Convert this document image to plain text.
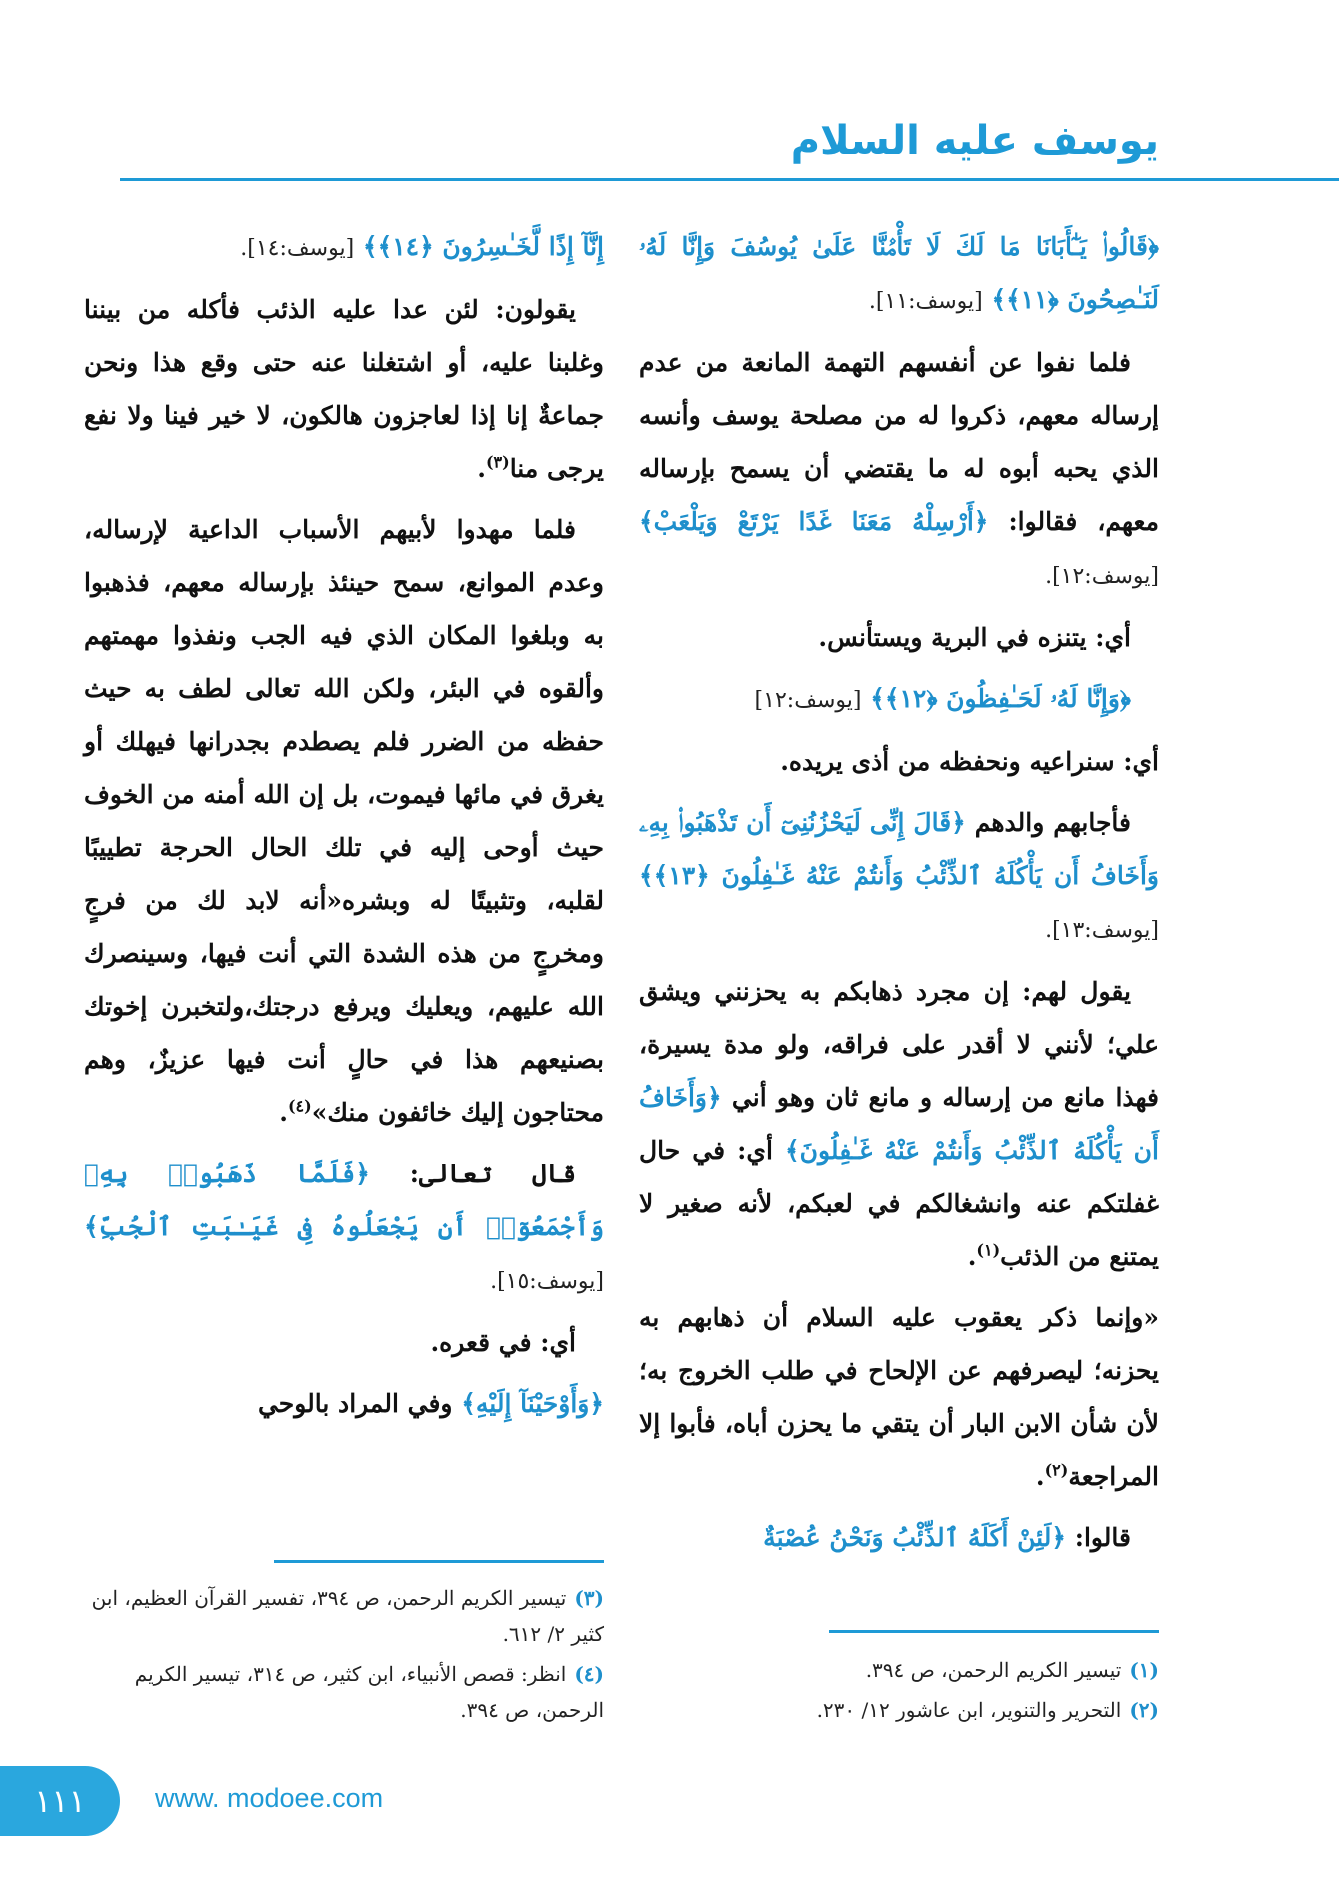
يوسف عليه السلام

﴿قَالُوا۟ يَـٰٓأَبَانَا مَا لَكَ لَا تَأْمَ۫نَّا عَلَىٰ يُوسُفَ وَإِنَّا لَهُۥ لَنَـٰصِحُونَ ﴿١١﴾﴾ [يوسف:١١].

فلما نفوا عن أنفسهم التهمة المانعة من عدم إرساله معهم، ذكروا له من مصلحة يوسف وأنسه الذي يحبه أبوه له ما يقتضي أن يسمح بإرساله معهم، فقالوا: ﴿أَرْسِلْهُ مَعَنَا غَدًا يَرْتَعْ وَيَلْعَبْ﴾ [يوسف:١٢].

أي: يتنزه في البرية ويستأنس.

﴿وَإِنَّا لَهُۥ لَحَـٰفِظُونَ ﴿١٢﴾﴾ [يوسف:١٢]

أي: سنراعيه ونحفظه من أذى يريده.

فأجابهم والدهم ﴿قَالَ إِنِّى لَيَحْزُنُنِىٓ أَن تَذْهَبُوا۟ بِهِۦ وَأَخَافُ أَن يَأْكُلَهُ ٱلذِّئْبُ وَأَنتُمْ عَنْهُ غَـٰفِلُونَ ﴿١٣﴾﴾ [يوسف:١٣].

يقول لهم: إن مجرد ذهابكم به يحزنني ويشق علي؛ لأنني لا أقدر على فراقه، ولو مدة يسيرة، فهذا مانع من إرساله و مانع ثان وهو أني ﴿وَأَخَافُ أَن يَأْكُلَهُ ٱلذِّئْبُ وَأَنتُمْ عَنْهُ غَـٰفِلُونَ﴾ أي: في حال غفلتكم عنه وانشغالكم في لعبكم، لأنه صغير لا يمتنع من الذئب$^{(١)}$.

«وإنما ذكر يعقوب عليه السلام أن ذهابهم به يحزنه؛ ليصرفهم عن الإلحاح في طلب الخروج به؛ لأن شأن الابن البار أن يتقي ما يحزن أباه، فأبوا إلا المراجعة$^{(٢)}$.

قالوا: ﴿لَئِنْ أَكَلَهُ ٱلذِّئْبُ وَنَحْنُ عُصْبَةٌ

إِنَّآ إِذًا لَّخَـٰسِرُونَ ﴿١٤﴾﴾ [يوسف:١٤].

يقولون: لئن عدا عليه الذئب فأكله من بيننا وغلبنا عليه، أو اشتغلنا عنه حتى وقع هذا ونحن جماعةٌ إنا إذا لعاجزون هالكون، لا خير فينا ولا نفع يرجى منا$^{(٣)}$.

فلما مهدوا لأبيهم الأسباب الداعية لإرساله، وعدم الموانع، سمح حينئذ بإرساله معهم، فذهبوا به وبلغوا المكان الذي فيه الجب ونفذوا مهمتهم وألقوه في البئر، ولكن الله تعالى لطف به حيث حفظه من الضرر فلم يصطدم بجدرانها فيهلك أو يغرق في مائها فيموت، بل إن الله أمنه من الخوف حيث أوحى إليه في تلك الحال الحرجة تطييبًا لقلبه، وتثبيتًا له وبشره«أنه لابد لك من فرجٍ ومخرجٍ من هذه الشدة التي أنت فيها، وسينصرك الله عليهم، ويعليك ويرفع درجتك،ولتخبرن إخوتك بصنيعهم هذا في حالٍ أنت فيها عزيزٌ، وهم محتاجون إليك خائفون منك»$^{(٤)}$.

قال تعالى: ﴿فَلَمَّا ذَهَبُوا۟ بِهِۦ وَأَجْمَعُوٓا۟ أَن يَجْعَلُوهُ فِى غَيَـٰبَتِ ٱلْجُبِّ﴾ [يوسف:١٥].

أي: في قعره.

﴿وَأَوْحَيْنَآ إِلَيْهِ﴾ وفي المراد بالوحي

(٣)تيسير الكريم الرحمن، ص ٣٩٤، تفسير القرآن العظيم، ابن كثير ٢/ ٦١٢.

(٤)انظر: قصص الأنبياء، ابن كثير، ص ٣١٤، تيسير الكريم الرحمن، ص ٣٩٤.

(١)تيسير الكريم الرحمن، ص ٣٩٤.

(٢)التحرير والتنوير، ابن عاشور ١٢/ ٢٣٠.

١١١	www. modoee.com
